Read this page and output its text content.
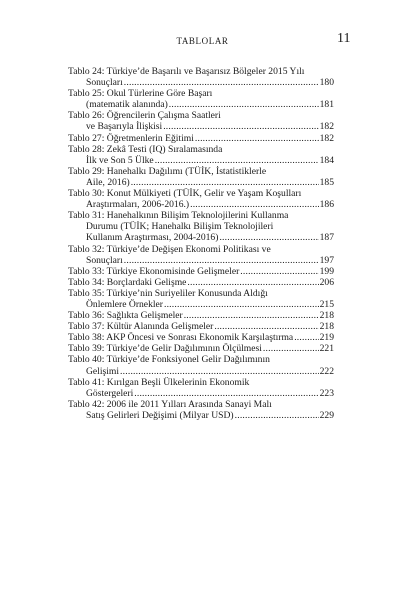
TABLOLAR	11
Tablo 24: Türkiye’de Başarılı ve Başarısız Bölgeler 2015 Yılı
Sonuçları .....	180
Tablo 25: Okul Türlerine Göre Başarı
(matematik alanında) .....	181
Tablo 26: Öğrencilerin Çalışma Saatleri
ve Başarıyla İlişkisi .....	182
Tablo 27: Öğretmenlerin Eğitimi .....	182
Tablo 28: Zekâ Testi (IQ) Sıralamasında
İlk ve Son 5 Ülke .....	184
Tablo 29: Hanehalkı Dağılımı (TÜİK, İstatistiklerle
Aile, 2016) .....	185
Tablo 30: Konut Mülkiyeti (TÜİK, Gelir ve Yaşam Koşulları
Araştırmaları, 2006-2016.) .....	186
Tablo 31: Hanehalkının Bilişim Teknolojilerini Kullanma
Durumu (TÜİK; Hanehalkı Bilişim Teknolojileri
Kullanım Araştırması, 2004-2016) .....	187
Tablo 32: Türkiye’de Değişen Ekonomi Politikası ve
Sonuçları .....	197
Tablo 33: Türkiye Ekonomisinde Gelişmeler .....	199
Tablo 34: Borçlardaki Gelişme .....	206
Tablo 35: Türkiye’nin Suriyeliler Konusunda Aldığı
Önlemlere Örnekler .....	215
Tablo 36: Sağlıkta Gelişmeler .....	218
Tablo 37: Kültür Alanında Gelişmeler .....	218
Tablo 38: AKP Öncesi ve Sonrası Ekonomik Karşılaştırma .....	219
Tablo 39: Türkiye’de Gelir Dağılımının Ölçülmesi .....	221
Tablo 40: Türkiye’de Fonksiyonel Gelir Dağılımının
Gelişimi .....	222
Tablo 41: Kırılgan Beşli Ülkelerinin Ekonomik
Göstergeleri .....	223
Tablo 42: 2006 ile 2011 Yılları Arasında Sanayi Malı
Satış Gelirleri Değişimi (Milyar USD) .....	229
